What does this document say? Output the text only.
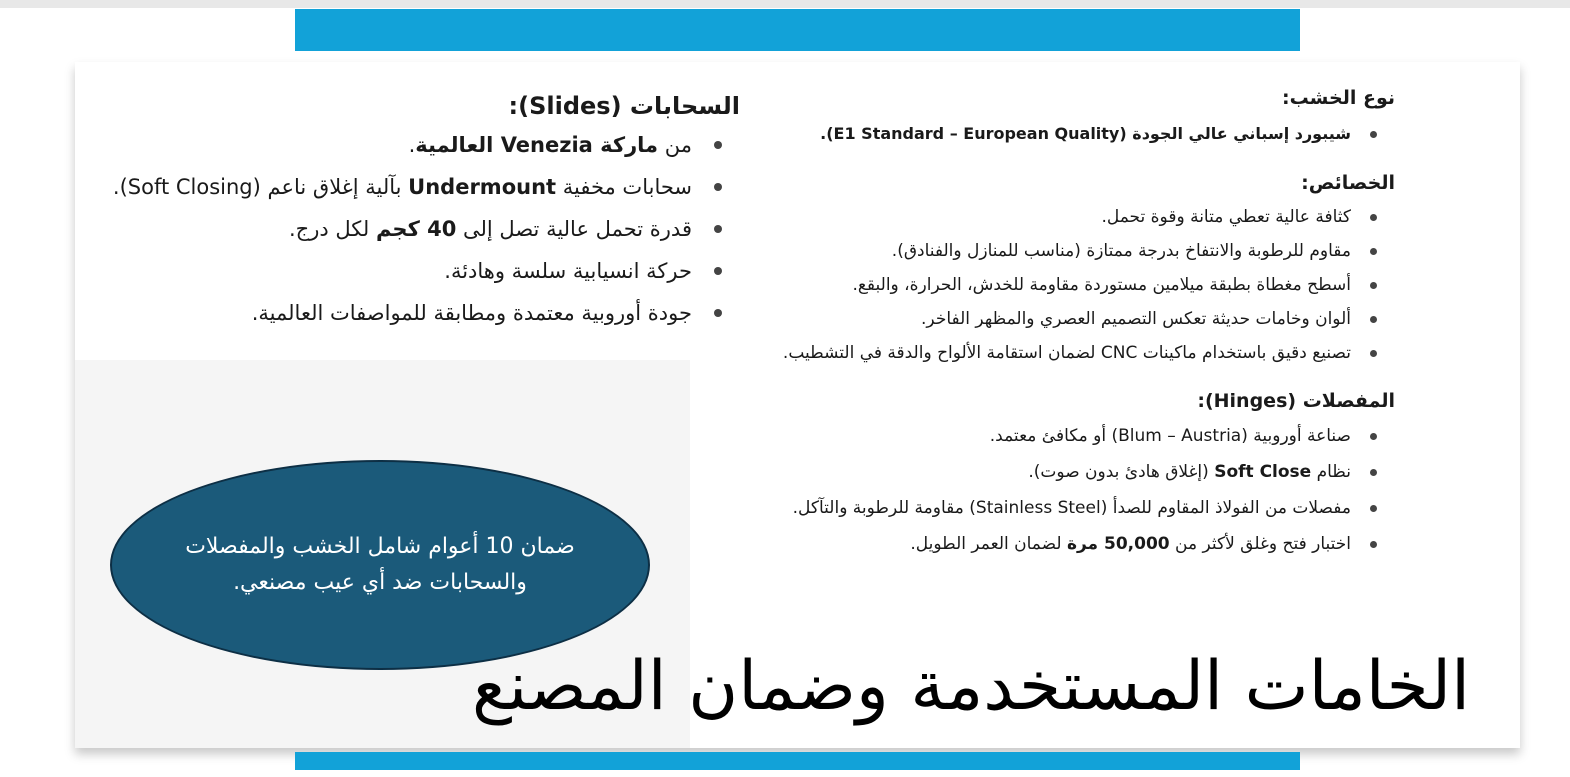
نوع الخشب:
شيبورد إسباني عالي الجودة (E1 Standard – European Quality).
الخصائص:
كثافة عالية تعطي متانة وقوة تحمل.
مقاوم للرطوبة والانتفاخ بدرجة ممتازة (مناسب للمنازل والفنادق).
أسطح مغطاة بطبقة ميلامين مستوردة مقاومة للخدش، الحرارة، والبقع.
ألوان وخامات حديثة تعكس التصميم العصري والمظهر الفاخر.
تصنيع دقيق باستخدام ماكينات CNC لضمان استقامة الألواح والدقة في التشطيب.
المفصلات (Hinges):
صناعة أوروبية (Blum – Austria) أو مكافئ معتمد.
نظام Soft Close (إغلاق هادئ بدون صوت).
مفصلات من الفولاذ المقاوم للصدأ (Stainless Steel) مقاومة للرطوبة والتآكل.
اختبار فتح وغلق لأكثر من 50,000 مرة لضمان العمر الطويل.
السحابات (Slides):
من ماركة Venezia العالمية.
سحابات مخفية Undermount بآلية إغلاق ناعم (Soft Closing).
قدرة تحمل عالية تصل إلى 40 كجم لكل درج.
حركة انسيابية سلسة وهادئة.
جودة أوروبية معتمدة ومطابقة للمواصفات العالمية.
ضمان 10 أعوام شامل الخشب والمفصلات والسحابات ضد أي عيب مصنعي.
الخامات المستخدمة وضمان المصنع
